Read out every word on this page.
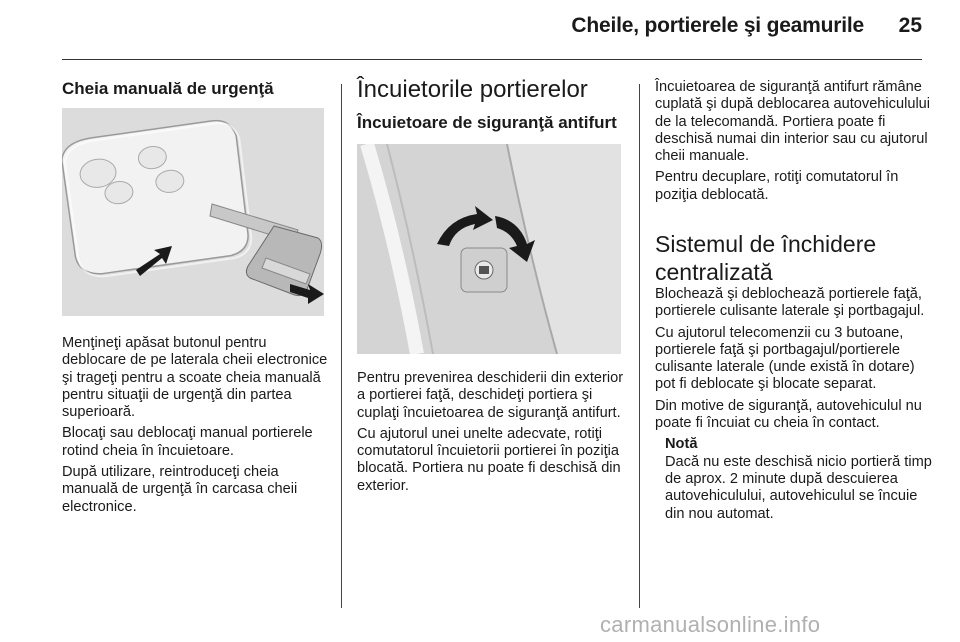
Cheile, portierele şi geamurile 25
Cheia manuală de urgenţă

Menţineţi apăsat butonul pentru deblocare de pe laterala cheii electronice şi trageţi pentru a scoate cheia manuală pentru situaţii de urgenţă din partea superioară.

Blocaţi sau deblocaţi manual portierele rotind cheia în încuietoare.

După utilizare, reintroduceţi cheia manuală de urgenţă în carcasa cheii electronice.

Încuietorile portierelor
Încuietoare de siguranţă antifurt

Pentru prevenirea deschiderii din exterior a portierei faţă, deschideţi portiera şi cuplaţi încuietoarea de siguranţă antifurt.

Cu ajutorul unei unelte adecvate, rotiţi comutatorul încuietorii portierei în poziţia blocată. Portiera nu poate fi deschisă din exterior.

Încuietoarea de siguranţă antifurt rămâne cuplată şi după deblocarea autovehiculului de la telecomandă. Portiera poate fi deschisă numai din interior sau cu ajutorul cheii manuale.

Pentru decuplare, rotiţi comutatorul în poziţia deblocată.

Sistemul de închidere centralizată

Blochează şi deblochează portierele faţă, portierele culisante laterale şi portbagajul.

Cu ajutorul telecomenzii cu 3 butoane, portierele faţă şi portbagajul/portierele culisante laterale (unde există în dotare) pot fi deblocate şi blocate separat.

Din motive de siguranţă, autovehiculul nu poate fi încuiat cu cheia în contact.

Notă

Dacă nu este deschisă nicio portieră timp de aprox. 2 minute după descuierea autovehiculului, autovehiculul se încuie din nou automat.

carmanualsonline.info
